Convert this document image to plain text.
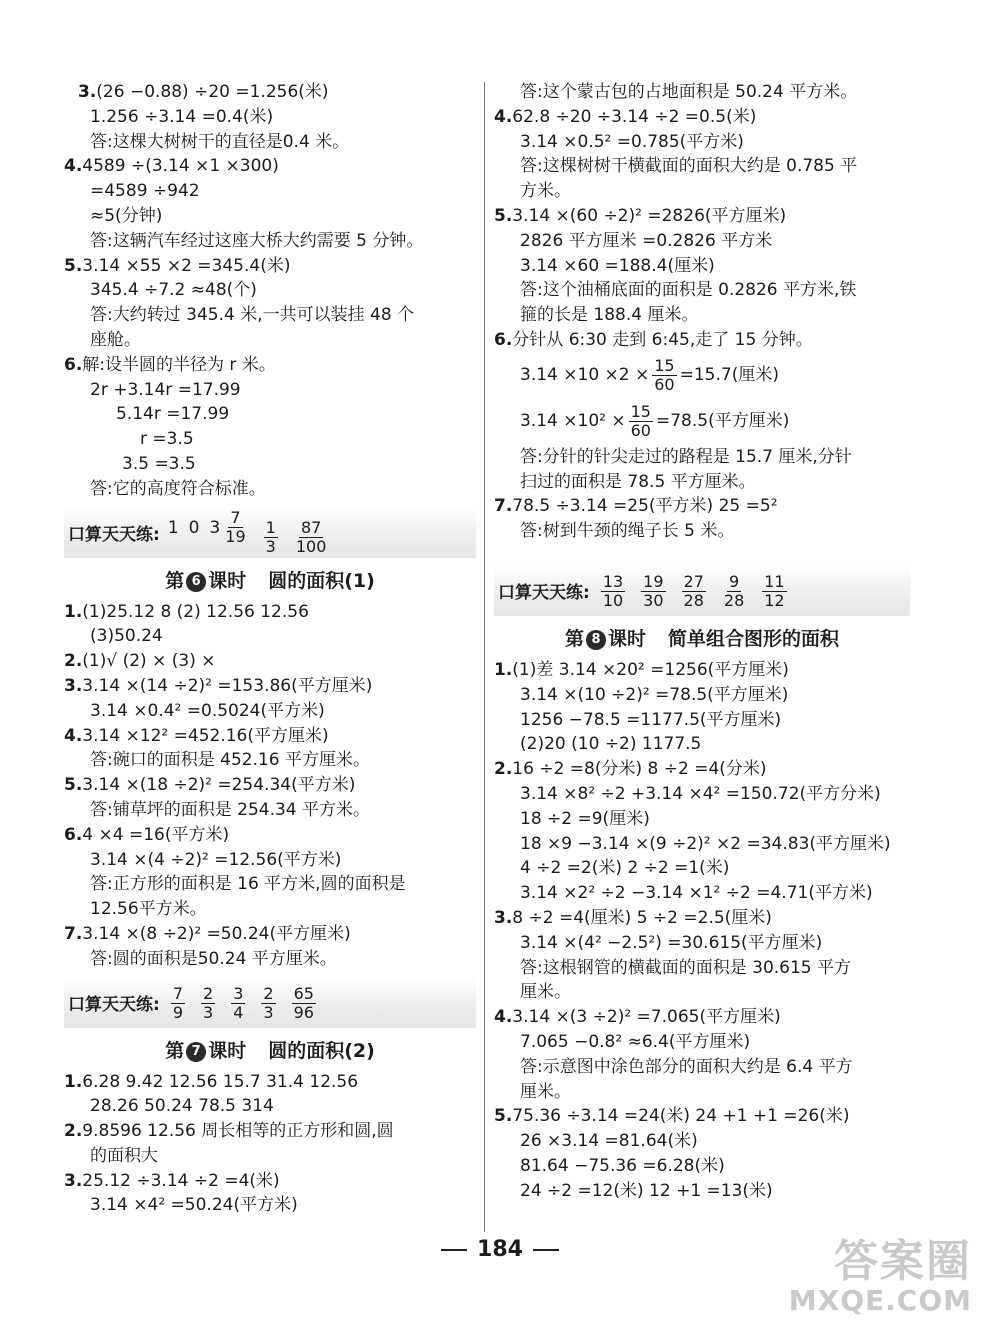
3.(26 −0.88) ÷20 =1.256(米)
1.256 ÷3.14 =0.4(米)
答:这棵大树树干的直径是0.4 米。
4.4589 ÷(3.14 ×1 ×300)
=4589 ÷942
≈5(分钟)
答:这辆汽车经过这座大桥大约需要 5 分钟。
5.3.14 ×55 ×2 =345.4(米)
345.4 ÷7.2 ≈48(个)
答:大约转过 345.4 米,一共可以装挂 48 个
座舱。
6.解:设半圆的半径为 r 米。
2r +3.14r =17.99
5.14r =17.99
r =3.5
3.5 =3.5
答:它的高度符合标准。
口算天天练: 1 0 $3 \frac{7}{19} \frac{1}{3} \frac{87}{100}$
第 6 课时 圆的面积(1)
1.(1)25.12 8 (2) 12.56 12.56
(3)50.24
2.(1)√ (2) × (3) ×
3.3.14 ×(14 ÷2)² =153.86(平方厘米)
3.14 ×0.4² =0.5024(平方米)
4.3.14 ×12² =452.16(平方厘米)
答:碗口的面积是 452.16 平方厘米。
5.3.14 ×(18 ÷2)² =254.34(平方米)
答:铺草坪的面积是 254.34 平方米。
6.4 ×4 =16(平方米)
3.14 ×(4 ÷2)² =12.56(平方米)
答:正方形的面积是 16 平方米,圆的面积是
12.56平方米。
7.3.14 ×(8 ÷2)² =50.24(平方厘米)
答:圆的面积是50.24 平方厘米。
口算天天练: $\frac{7}{9} \frac{2}{3} \frac{3}{4} \frac{2}{3} \frac{65}{96}$
第 7 课时 圆的面积(2)
1.6.28 9.42 12.56 15.7 31.4 12.56
28.26 50.24 78.5 314
2.9.8596 12.56 周长相等的正方形和圆,圆
的面积大
3.25.12 ÷3.14 ÷2 =4(米)
3.14 ×4² =50.24(平方米)
答:这个蒙古包的占地面积是 50.24 平方米。
4.62.8 ÷20 ÷3.14 ÷2 =0.5(米)
3.14 ×0.5² =0.785(平方米)
答:这棵树树干横截面的面积大约是 0.785 平
方米。
5.3.14 ×(60 ÷2)² =2826(平方厘米)
2826 平方厘米 =0.2826 平方米
3.14 ×60 =188.4(厘米)
答:这个油桶底面的面积是 0.2826 平方米,铁
箍的长是 188.4 厘米。
6.分针从 6:30 走到 6:45,走了 15 分钟。
$3.14 \times 10 \times 2 \times \frac{15}{60} =15.7$(厘米)
$3.14 \times 10^2 \times \frac{15}{60} =78.5$(平方厘米)
答:分针的针尖走过的路程是 15.7 厘米,分针
扫过的面积是 78.5 平方厘米。
7.78.5 ÷3.14 =25(平方米) 25 =5²
答:树到牛颈的绳子长 5 米。
口算天天练: $\frac{13}{10} \frac{19}{30} \frac{27}{28} \frac{9}{28} \frac{11}{12}$
第 8 课时 简单组合图形的面积
1.(1)差 3.14 ×20² =1256(平方厘米)
3.14 ×(10 ÷2)² =78.5(平方厘米)
1256 −78.5 =1177.5(平方厘米)
(2)20 (10 ÷2) 1177.5
2.16 ÷2 =8(分米) 8 ÷2 =4(分米)
3.14 ×8² ÷2 +3.14 ×4² =150.72(平方分米)
18 ÷2 =9(厘米)
18 ×9 −3.14 ×(9 ÷2)² ×2 =34.83(平方厘米)
4 ÷2 =2(米) 2 ÷2 =1(米)
3.14 ×2² ÷2 −3.14 ×1² ÷2 =4.71(平方米)
3.8 ÷2 =4(厘米) 5 ÷2 =2.5(厘米)
3.14 ×(4² −2.5²) =30.615(平方厘米)
答:这根钢管的横截面的面积是 30.615 平方
厘米。
4.3.14 ×(3 ÷2)² =7.065(平方厘米)
7.065 −0.8² ≈6.4(平方厘米)
答:示意图中涂色部分的面积大约是 6.4 平方
厘米。
5.75.36 ÷3.14 =24(米) 24 +1 +1 =26(米)
26 ×3.14 =81.64(米)
81.64 −75.36 =6.28(米)
24 ÷2 =12(米) 12 +1 =13(米)
184	答案圈
MXQE.COM
